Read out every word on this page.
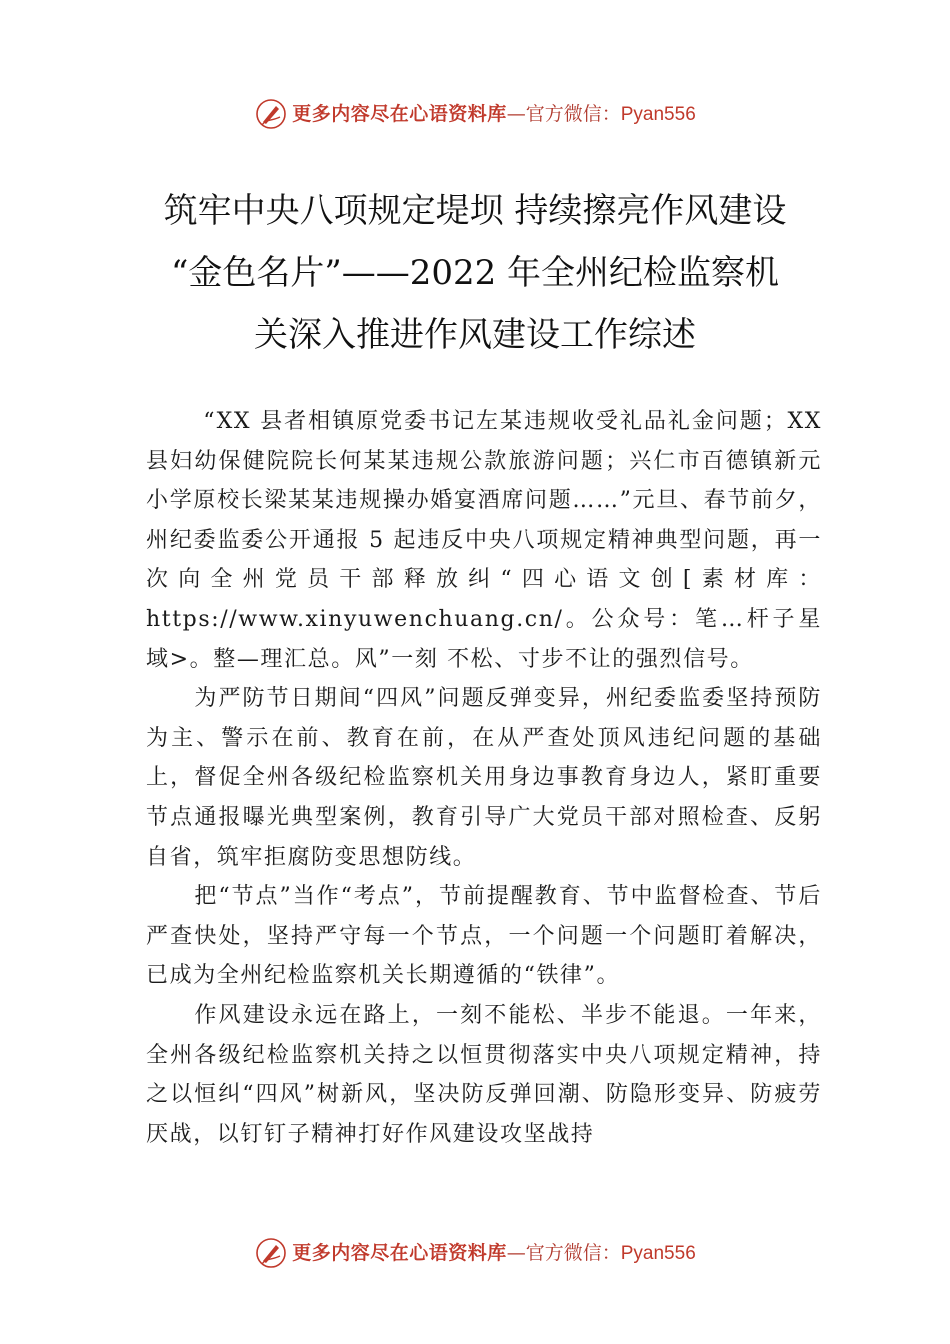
更多内容尽在心语资料库 — 官方微信： Pyan556
筑牢中央八项规定堤坝 持续擦亮作风建设
“金色名片”——2022 年全州纪检监察机
关深入推进作风建设工作综述

“XX 县者相镇原党委书记左某违规收受礼品礼金问题；XX 县妇幼保健院院长何某某违规公款旅游问题；兴仁市百德镇新元小学原校长梁某某违规操办婚宴酒席问题……”元旦、春节前夕，州纪委监委公开通报 5 起违反中央八项规定精神典型问题，再一次向全州党员干部释放纠“四心语文创[素材库：https://www.xinyuwenchuang.cn/。公众号：笔…杆子星域>。整—理汇总。风”一刻 不松、寸步不让的强烈信号。

为严防节日期间“四风”问题反弹变异，州纪委监委坚持预防为主、警示在前、教育在前，在从严查处顶风违纪问题的基础上，督促全州各级纪检监察机关用身边事教育身边人，紧盯重要节点通报曝光典型案例，教育引导广大党员干部对照检查、反躬自省，筑牢拒腐防变思想防线。

把“节点”当作“考点”，节前提醒教育、节中监督检查、节后严查快处，坚持严守每一个节点，一个问题一个问题盯着解决，已成为全州纪检监察机关长期遵循的“铁律”。

作风建设永远在路上，一刻不能松、半步不能退。一年来，全州各级纪检监察机关持之以恒贯彻落实中央八项规定精神，持之以恒纠“四风”树新风，坚决防反弹回潮、防隐形变异、防疲劳厌战，以钉钉子精神打好作风建设攻坚战持

更多内容尽在心语资料库 — 官方微信： Pyan556
